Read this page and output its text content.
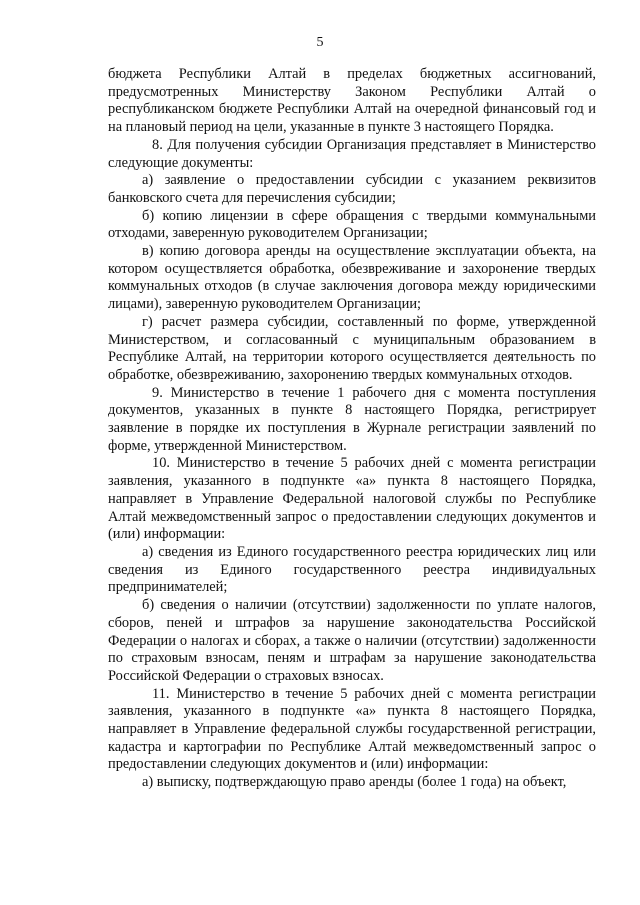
5

бюджета Республики Алтай в пределах бюджетных ассигнований, предусмотренных Министерству Законом Республики Алтай о республиканском бюджете Республики Алтай на очередной финансовый год и на плановый период на цели, указанные в пункте 3 настоящего Порядка.

8. Для получения субсидии Организация представляет в Министерство следующие документы:

а) заявление о предоставлении субсидии с указанием реквизитов банковского счета для перечисления субсидии;

б) копию лицензии в сфере обращения с твердыми коммунальными отходами, заверенную руководителем Организации;

в) копию договора аренды на осуществление эксплуатации объекта, на котором осуществляется обработка, обезвреживание и захоронение твердых коммунальных отходов (в случае заключения договора между юридическими лицами), заверенную руководителем Организации;

г) расчет размера субсидии, составленный по форме, утвержденной Министерством, и согласованный с муниципальным образованием в Республике Алтай, на территории которого осуществляется деятельность по обработке, обезвреживанию, захоронению твердых коммунальных отходов.

9. Министерство в течение 1 рабочего дня с момента поступления документов, указанных в пункте 8 настоящего Порядка, регистрирует заявление в порядке их поступления в Журнале регистрации заявлений по форме, утвержденной Министерством.

10. Министерство в течение 5 рабочих дней с момента регистрации заявления, указанного в подпункте «а» пункта 8 настоящего Порядка, направляет в Управление Федеральной налоговой службы по Республике Алтай межведомственный запрос о предоставлении следующих документов и (или) информации:

а) сведения из Единого государственного реестра юридических лиц или сведения из Единого государственного реестра индивидуальных предпринимателей;

б) сведения о наличии (отсутствии) задолженности по уплате налогов, сборов, пеней и штрафов за нарушение законодательства Российской Федерации о налогах и сборах, а также о наличии (отсутствии) задолженности по страховым взносам, пеням и штрафам за нарушение законодательства Российской Федерации о страховых взносах.

11. Министерство в течение 5 рабочих дней с момента регистрации заявления, указанного в подпункте «а» пункта 8 настоящего Порядка, направляет в Управление федеральной службы государственной регистрации, кадастра и картографии по Республике Алтай межведомственный запрос о предоставлении следующих документов и (или) информации:

а) выписку, подтверждающую право аренды (более 1 года) на объект,
